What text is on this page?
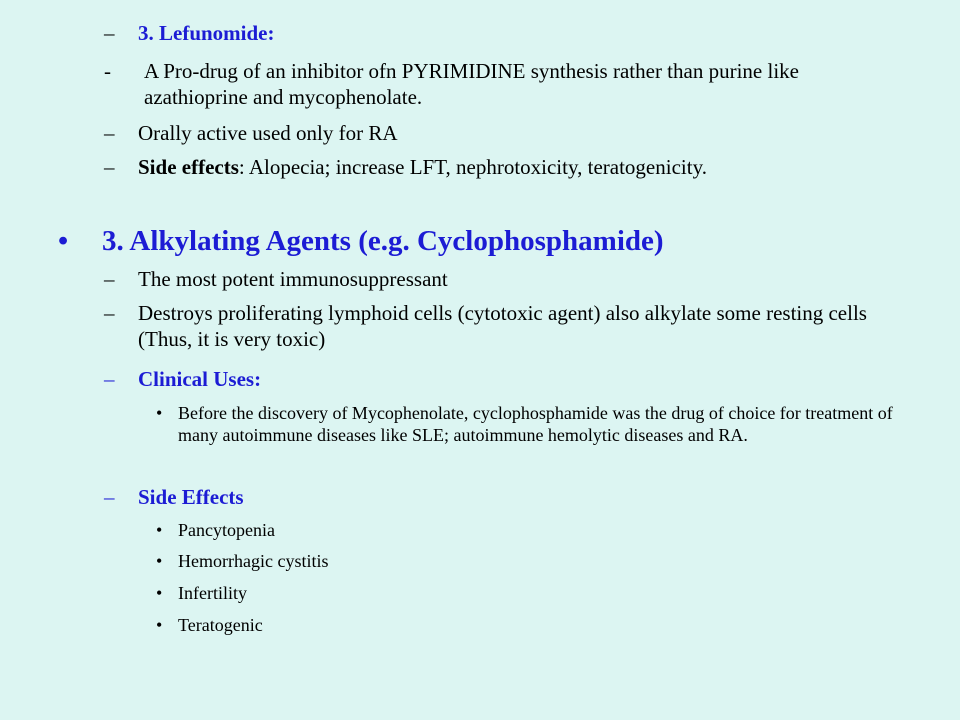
–	3. Lefunomide:
-	A Pro-drug of an inhibitor ofn PYRIMIDINE synthesis rather than purine like azathioprine and mycophenolate.
–	Orally active used only for RA
–	Side effects: Alopecia; increase LFT, nephrotoxicity, teratogenicity.
•	3. Alkylating Agents (e.g. Cyclophosphamide)
–	The most potent immunosuppressant
–	Destroys proliferating lymphoid cells (cytotoxic agent) also alkylate some resting cells (Thus, it is very toxic)
–	Clinical Uses:
• Before the discovery of Mycophenolate, cyclophosphamide was the drug of choice for treatment of many autoimmune diseases like SLE; autoimmune hemolytic diseases and RA.
–	Side Effects
• Pancytopenia
• Hemorrhagic cystitis
• Infertility
• Teratogenic
